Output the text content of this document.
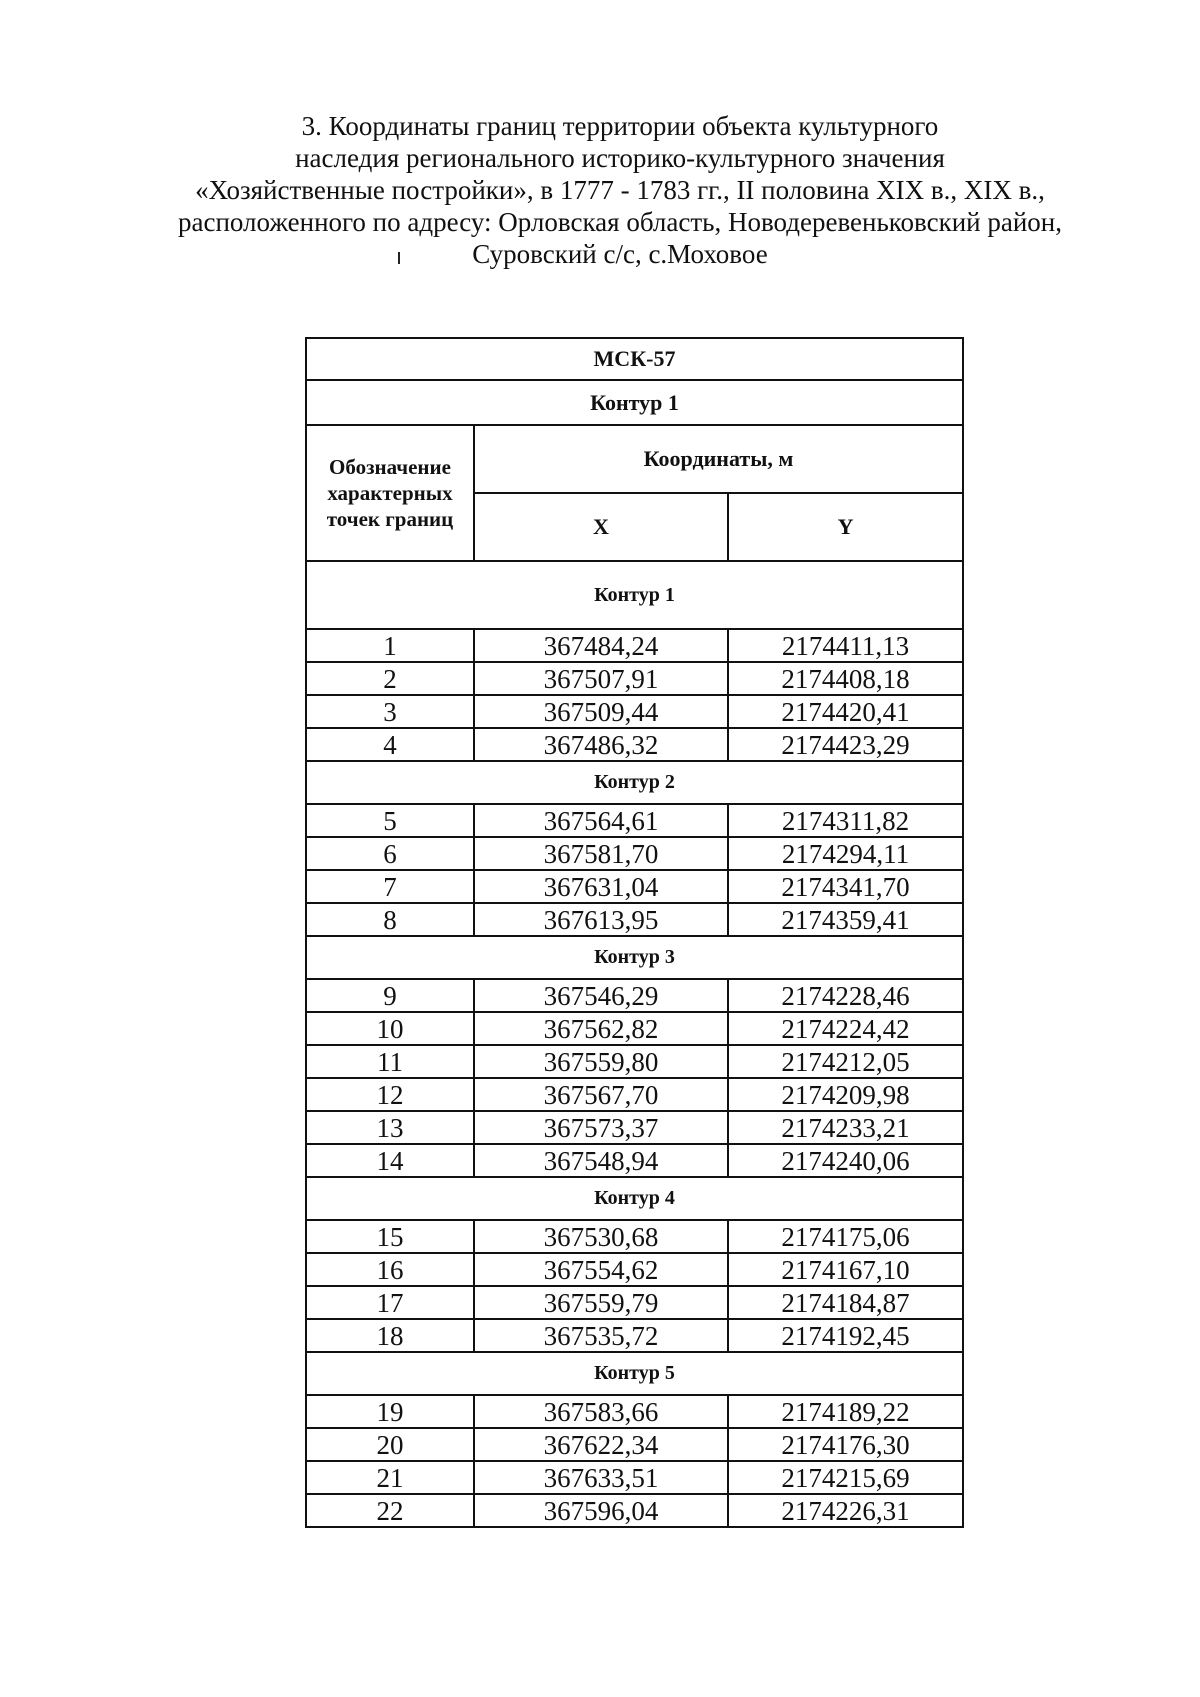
3. Координаты границ территории объекта культурного
наследия регионального историко-культурного значения
«Хозяйственные постройки», в 1777 - 1783 гг., II половина XIX в., XIX в.,
расположенного по адресу: Орловская область, Новодеревеньковский район,
Суровский с/с, с.Моховое
МСК-57		
Контур 1		
Обозначение характерных точек границ	Координаты, м	
	X	Y
Контур 1		
1	367484,24	2174411,13
2	367507,91	2174408,18
3	367509,44	2174420,41
4	367486,32	2174423,29
Контур 2		
5	367564,61	2174311,82
6	367581,70	2174294,11
7	367631,04	2174341,70
8	367613,95	2174359,41
Контур 3		
9	367546,29	2174228,46
10	367562,82	2174224,42
11	367559,80	2174212,05
12	367567,70	2174209,98
13	367573,37	2174233,21
14	367548,94	2174240,06
Контур 4		
15	367530,68	2174175,06
16	367554,62	2174167,10
17	367559,79	2174184,87
18	367535,72	2174192,45
Контур 5		
19	367583,66	2174189,22
20	367622,34	2174176,30
21	367633,51	2174215,69
22	367596,04	2174226,31
